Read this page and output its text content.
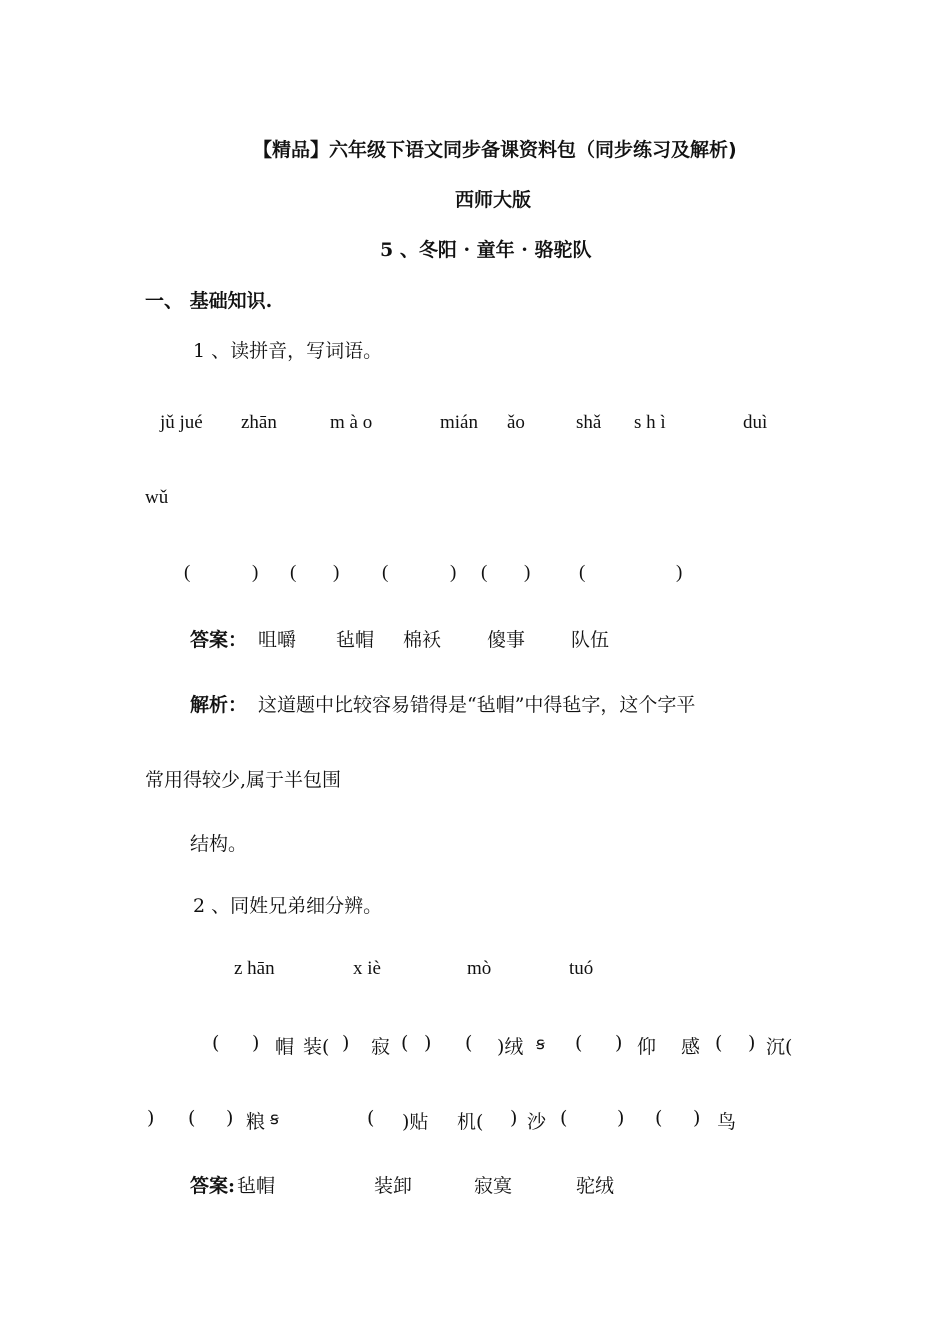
【精品】六年级下语文同步备课资料包（同步练习及解析)
西师大版
5 、冬阳 · 童年 · 骆驼队
一、 基础知识.
1 、读拼音，写词语。
jǔ jué zhān	m à o	mián ǎo	shǎ s h ì	duì
wǔ
(	) ( ) (	) ( )	(	)
答案： 咀嚼 毡帽 棉袄 傻事 队伍
解析： 这道题中比较容易错得是“毡帽”中得毡字，这个字平
常用得较少,属于半包围
结构。
2 、同姓兄弟细分辨。
z hān	x iè	mò	tuó
( ) 帽 装( ) 寂 ( ) ( )绒 ꞩ ( ) 仰 感 ( ) 沉(
) ( ) 粮 ꞩ	( )贴 机( ) 沙 (	) ( ) 鸟
答案: 毡帽	装卸	寂寞	驼绒
